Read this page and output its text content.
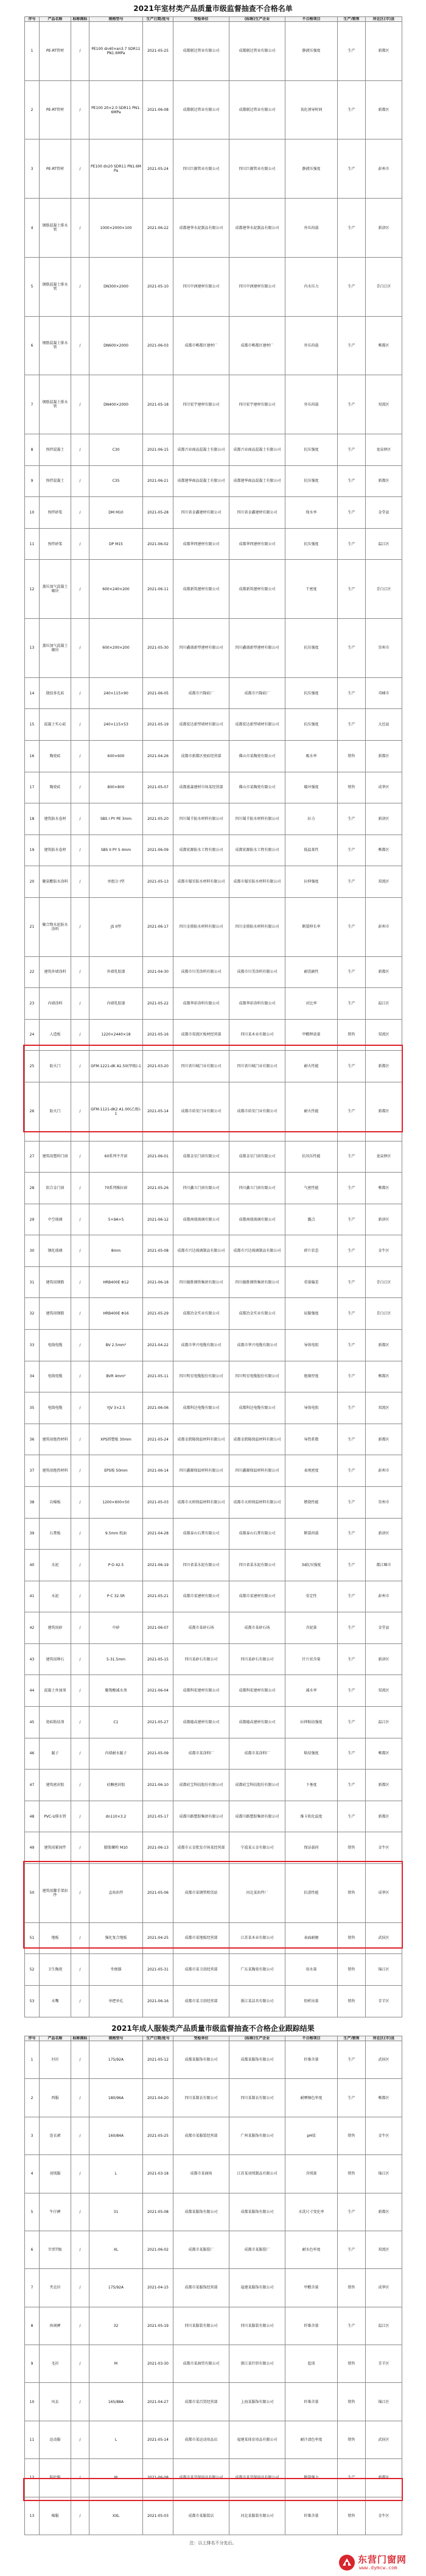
2021年室材类产品质量市级监督抽查不合格名单
序号	产品名称	标称商标	规格型号	生产日期/批号	受检单位	(标称)生产企业	不合格项目	生产/销售	所在区(市)县
1	PE-RT管材	/	PE100 dn40×en3.7 SDR11 PN1.6MPa	2021-05-25	成都联达管业有限公司	成都联达管业有限公司	静液压强度	生产	新都区
2	PE-RT管材	/	PE100 20×2.0 SDR11 PN1.6MPa	2021-06-08	成都联达管业有限公司	成都联达管业有限公司	氧化诱导时间	生产	新都区
3	PE-RT管材	/	PE100 dn20 SDR11 PN1.6MPa	2021-05-24	四川巨源管业有限公司	四川巨源管业有限公司	静液压强度	生产	彭州市
4	钢筋混凝土排水管	/	1000×2000×100	2021-06-22	成都建华水泥制品有限公司	成都建华水泥制品有限公司	外压荷载	生产	新津区
5	钢筋混凝土排水管	/	DN300×2000	2021-05-10	四川中润建材有限公司	四川中润建材有限公司	内水压力	生产	青白江区
6	钢筋混凝土排水管	/	DN600×2000	2021-06-03	成都市郫都区建材厂	成都市郫都区建材厂	外压荷载	生产	郫都区
7	钢筋混凝土排水管	/	DN400×2000	2021-05-18	四川宏宇建材有限公司	四川宏宇建材有限公司	外压荷载	生产	双流区
8	预拌混凝土	/	C30	2021-06-15	成都兴业商品混凝土有限公司	成都兴业商品混凝土有限公司	抗压强度	生产	龙泉驿区
9	预拌混凝土	/	C35	2021-06-21	成都建华商品混凝土有限公司	成都建华商品混凝土有限公司	抗压强度	生产	新都区
10	预拌砂浆	/	DM M10	2021-05-28	四川省金鑫建材有限公司	四川省金鑫建材有限公司	保水率	生产	金堂县
11	预拌砂浆	/	DP M15	2021-06-02	成都华西建材有限公司	成都华西建材有限公司	抗压强度	生产	温江区
12	蒸压加气混凝土砌块	/	600×240×200	2021-06-11	成都新筑建材有限公司	成都新筑建材有限公司	干密度	生产	青白江区
13	蒸压加气混凝土砌块	/	600×200×200	2021-05-30	四川鑫盛新型建材有限公司	四川鑫盛新型建材有限公司	抗压强度	生产	崇州市
14	烧结多孔砖	/	240×115×90	2021-06-05	成都市兴隆砖厂	成都市兴隆砖厂	抗压强度	生产	邛崃市
15	混凝土实心砖	/	240×115×53	2021-05-19	成都宏达新型墙材有限公司	成都宏达新型墙材有限公司	抗压强度	生产	大邑县
16	陶瓷砖	/	600×600	2021-04-26	成都市新都区瓷砖经营部	佛山市某陶瓷有限公司	吸水率	销售	新都区
17	陶瓷砖	/	800×800	2021-05-07	成都富森建材市场某经营部	佛山市某陶瓷有限公司	破坏强度	销售	成华区
18	建筑防水卷材	/	SBS I PY PE 3mm	2021-05-20	四川蜀羊防水材料有限公司	四川蜀羊防水材料有限公司	拉力	生产	新津区
19	建筑防水卷材	/	SBS II PY S 4mm	2021-06-09	成都宏源防水工程有限公司	成都宏源防水工程有限公司	低温柔性	生产	郫都区
20	聚氨酯防水涂料	/	单组分 I型	2021-05-13	成都市蜀星防水材料有限公司	成都市蜀星防水材料有限公司	拉伸强度	生产	双流区
21	聚合物水泥防水涂料	/	JS II型	2021-06-17	四川金鼎防水材料有限公司	四川金鼎防水材料有限公司	断裂伸长率	生产	彭州市
22	建筑外墙涂料	/	外墙乳胶漆	2021-04-30	成都市川美涂料有限公司	成都市川美涂料有限公司	耐洗刷性	生产	新都区
23	内墙涂料	/	内墙乳胶漆	2021-05-22	成都华彩涂料有限公司	成都华彩涂料有限公司	对比率	生产	温江区
24	人造板	/	1220×2440×18	2021-05-16	成都市双流区板材经营部	四川某木业有限公司	甲醛释放量	销售	双流区
25	防火门	/	GFM-1221-dK A1.50(甲级)-1	2021-03-20	四川省川城门业有限公司	四川省川城门业有限公司	耐火性能	生产	新都区
26	防火门	/	GFM-1121-dK2 A1.00(乙级)-1	2021-05-14	成都市盾安门业有限公司	成都市盾安门业有限公司	耐火性能	生产	新都区
27	建筑用塑料门窗	/	60系列平开窗	2021-06-01	成都金星门窗有限公司	成都金星门窗有限公司	抗风压性能	生产	龙泉驿区
28	铝合金门窗	/	70系列推拉窗	2021-05-26	四川鑫立门窗有限公司	四川鑫立门窗有限公司	气密性能	生产	郫都区
29	中空玻璃	/	5+9A+5	2021-06-12	成都南玻玻璃有限公司	成都南玻玻璃有限公司	露点	生产	新津区
30	钢化玻璃	/	8mm	2021-05-08	成都市兴达玻璃制品有限公司	成都市兴达玻璃制品有限公司	碎片状态	生产	金牛区
31	建筑用钢筋	/	HRB400E Φ12	2021-06-18	四川德胜钢铁集团有限公司	四川德胜钢铁集团有限公司	重量偏差	生产	青白江区
32	建筑用钢筋	/	HRB400E Φ16	2021-05-29	成都冶金实业有限公司	成都冶金实业有限公司	屈服强度	生产	青白江区
33	电线电缆	/	BV 2.5mm²	2021-04-22	成都市华兴电缆有限公司	成都市华兴电缆有限公司	导体电阻	生产	新都区
34	电线电缆	/	BVR 4mm²	2021-05-11	四川明星电缆股份有限公司	四川明星电缆股份有限公司	绝缘厚度	生产	郫都区
35	电线电缆	/	YJV 3×2.5	2021-06-06	成都科达电缆有限公司	成都科达电缆有限公司	导体电阻	生产	双流区
36	建筑用绝热材料	/	XPS挤塑板 30mm	2021-05-24	成都金凯隆保温材料有限公司	成都金凯隆保温材料有限公司	导热系数	生产	新都区
37	建筑用绝热材料	/	EPS板 50mm	2021-06-14	四川鑫源保温材料有限公司	四川鑫源保温材料有限公司	表观密度	生产	彭州市
38	岩棉板	/	1200×600×50	2021-05-03	成都市天府保温材料有限公司	成都市天府保温材料有限公司	燃烧性能	生产	崇州市
39	石膏板	/	9.5mm 纸面	2021-04-28	成都泰山石膏有限公司	成都泰山石膏有限公司	断裂荷载	生产	新津区
40	水泥	/	P·O 42.5	2021-06-19	四川省某水泥有限公司	四川省某水泥有限公司	3d抗压强度	生产	都江堰市
41	水泥	/	P·C 32.5R	2021-05-21	成都市某建材有限公司	成都市某建材有限公司	安定性	生产	彭州市
42	建筑用砂	/	中砂	2021-06-07	成都市某砂石场	成都市某砂石场	含泥量	生产	金堂县
43	建筑用卵石	/	5-31.5mm	2021-05-15	四川某砂石有限公司	四川某砂石有限公司	针片状含量	生产	新津区
44	混凝土外加剂	/	聚羧酸减水剂	2021-06-04	成都科宏建材有限公司	成都科宏建材有限公司	减水率	生产	双流区
45	瓷砖粘结剂	/	C1	2021-05-27	成都德高建材有限公司	成都德高建材有限公司	拉伸粘结强度	生产	温江区
46	腻子	/	内墙耐水腻子	2021-05-09	成都市某涂料厂	成都市某涂料厂	粘结强度	生产	郫都区
47	建筑密封胶	/	硅酮密封胶	2021-06-10	成都硅宝科技股份有限公司	成都硅宝科技股份有限公司	下垂度	生产	新都区
48	PVC-U排水管	/	dn110×3.2	2021-05-17	成都川路塑胶集团有限公司	成都川路塑胶集团有限公司	维卡软化温度	生产	新都区
49	建筑用紧固件	/	膨胀螺栓 M10	2021-06-13	成都市五金批发市场某经营部	宁波某五金有限公司	保证载荷	销售	金牛区
50	建筑用脚手架扣件	/	直角扣件	2021-05-06	成都市某钢管租赁站	河北某扣件厂	抗滑性能	销售	成华区
51	地板	/	强化复合地板	2021-04-25	成都市某地板经营部	江苏某木业有限公司	表面耐磨	销售	武侯区
52	卫生陶瓷	/	坐便器	2021-05-31	成都市某卫浴经营部	广东某陶瓷有限公司	用水量	销售	锦江区
53	水嘴	/	单把单孔	2021-06-16	成都市某卫浴经营部	浙江某洁具有限公司	铅析出量	销售	青羊区
2021年成人服装类产品质量市级监督抽查不合格企业跟踪结果
序号	产品名称	标称商标	规格型号	生产日期/批号	受检单位	(标称)生产企业	不合格项目	生产/销售	所在区(市)县
1	衬衫	/	175/92A	2021-05-12	成都某服饰有限公司	成都某服饰有限公司	纤维含量	生产	武侯区
2	西服	/	180/96A	2021-04-20	四川某制衣有限公司	四川某制衣有限公司	耐摩擦色牢度	生产	郫都区
3	连衣裙	/	160/84A	2021-05-25	成都市某服装经营部	广州某服饰有限公司	pH值	销售	金牛区
4	羽绒服	/	L	2021-03-18	成都市某商场	江苏某羽绒制品有限公司	含绒量	销售	锦江区
5	牛仔裤	/	31	2021-05-08	成都某服饰有限公司	成都某服饰有限公司	水洗尺寸变化率	生产	新都区
6	针织T恤	/	XL	2021-06-02	成都市某服装厂	成都市某服装厂	耐水色牢度	生产	双流区
7	夹克衫	/	175/92A	2021-04-15	成都市某服饰经营部	福建某服饰有限公司	甲醛含量	销售	成华区
8	休闲裤	/	32	2021-05-19	四川某服装有限公司	四川某服装有限公司	纤维含量	生产	温江区
9	毛衫	/	M	2021-03-30	成都市某商贸有限公司	浙江某针织有限公司	起球	销售	青羊区
10	风衣	/	165/88A	2021-04-27	成都市某百货经营部	上海某服饰有限公司	纤维含量	销售	锦江区
11	运动服	/	L	2021-05-14	成都市某运动用品店	福建某体育用品有限公司	耐汗渍色牢度	销售	武侯区
12	防护服	/	M	2021-06-08	成都市某劳保用品有限公司	成都市某劳保用品有限公司	断裂强力	生产	新都区
13	棉服	/	XXL	2021-05-03	成都市某服装店	河北某服装有限公司	纤维含量	销售	金牛区
注：以上排名不分先后。
东营门窗网
www.dymcw.com
